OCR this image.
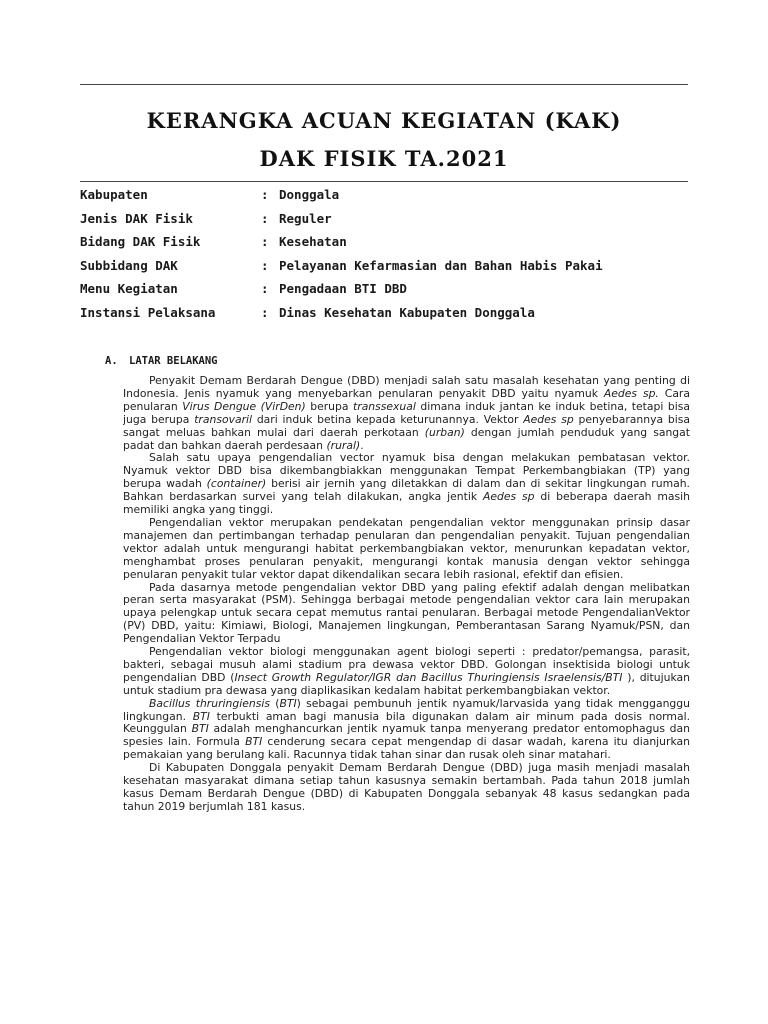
KERANGKA ACUAN KEGIATAN (KAK)
DAK FISIK TA.2021
Kabupaten	: Donggala
Jenis DAK Fisik	: Reguler
Bidang DAK Fisik	: Kesehatan
Subbidang DAK	: Pelayanan Kefarmasian dan Bahan Habis Pakai
Menu Kegiatan	: Pengadaan BTI DBD
Instansi Pelaksana	: Dinas Kesehatan Kabupaten Donggala
A. LATAR BELAKANG

Penyakit Demam Berdarah Dengue (DBD) menjadi salah satu masalah kesehatan yang penting di Indonesia. Jenis nyamuk yang menyebarkan penularan penyakit DBD yaitu nyamuk Aedes sp. Cara penularan Virus Dengue (VirDen) berupa transsexual dimana induk jantan ke induk betina, tetapi bisa juga berupa transovaril dari induk betina kepada keturunannya. Vektor Aedes sp penyebarannya bisa sangat meluas bahkan mulai dari daerah perkotaan (urban) dengan jumlah penduduk yang sangat padat dan bahkan daerah perdesaan (rural).

Salah satu upaya pengendalian vector nyamuk bisa dengan melakukan pembatasan vektor. Nyamuk vektor DBD bisa dikembangbiakkan menggunakan Tempat Perkembangbiakan (TP) yang berupa wadah (container) berisi air jernih yang diletakkan di dalam dan di sekitar lingkungan rumah. Bahkan berdasarkan survei yang telah dilakukan, angka jentik Aedes sp di beberapa daerah masih memiliki angka yang tinggi.

Pengendalian vektor merupakan pendekatan pengendalian vektor menggunakan prinsip dasar manajemen dan pertimbangan terhadap penularan dan pengendalian penyakit. Tujuan pengendalian vektor adalah untuk mengurangi habitat perkembangbiakan vektor, menurunkan kepadatan vektor, menghambat proses penularan penyakit, mengurangi kontak manusia dengan vektor sehingga penularan penyakit tular vektor dapat dikendalikan secara lebih rasional, efektif dan efisien.

Pada dasarnya metode pengendalian vektor DBD yang paling efektif adalah dengan melibatkan peran serta masyarakat (PSM). Sehingga berbagai metode pengendalian vektor cara lain merupakan upaya pelengkap untuk secara cepat memutus rantai penularan. Berbagai metode PengendalianVektor (PV) DBD, yaitu: Kimiawi, Biologi, Manajemen lingkungan, Pemberantasan Sarang Nyamuk/PSN, dan Pengendalian Vektor Terpadu

Pengendalian vektor biologi menggunakan agent biologi seperti : predator/pemangsa, parasit, bakteri, sebagai musuh alami stadium pra dewasa vektor DBD. Golongan insektisida biologi untuk pengendalian DBD (Insect Growth Regulator/IGR dan Bacillus Thuringiensis Israelensis/BTI ), ditujukan untuk stadium pra dewasa yang diaplikasikan kedalam habitat perkembangbiakan vektor.

Bacillus thruringiensis (BTI) sebagai pembunuh jentik nyamuk/larvasida yang tidak mengganggu lingkungan. BTI terbukti aman bagi manusia bila digunakan dalam air minum pada dosis normal. Keunggulan BTI adalah menghancurkan jentik nyamuk tanpa menyerang predator entomophagus dan spesies lain. Formula BTI cenderung secara cepat mengendap di dasar wadah, karena itu dianjurkan pemakaian yang berulang kali. Racunnya tidak tahan sinar dan rusak oleh sinar matahari.

Di Kabupaten Donggala penyakit Demam Berdarah Dengue (DBD) juga masih menjadi masalah kesehatan masyarakat dimana setiap tahun kasusnya semakin bertambah. Pada tahun 2018 jumlah kasus Demam Berdarah Dengue (DBD) di Kabupaten Donggala sebanyak 48 kasus sedangkan pada tahun 2019 berjumlah 181 kasus.
